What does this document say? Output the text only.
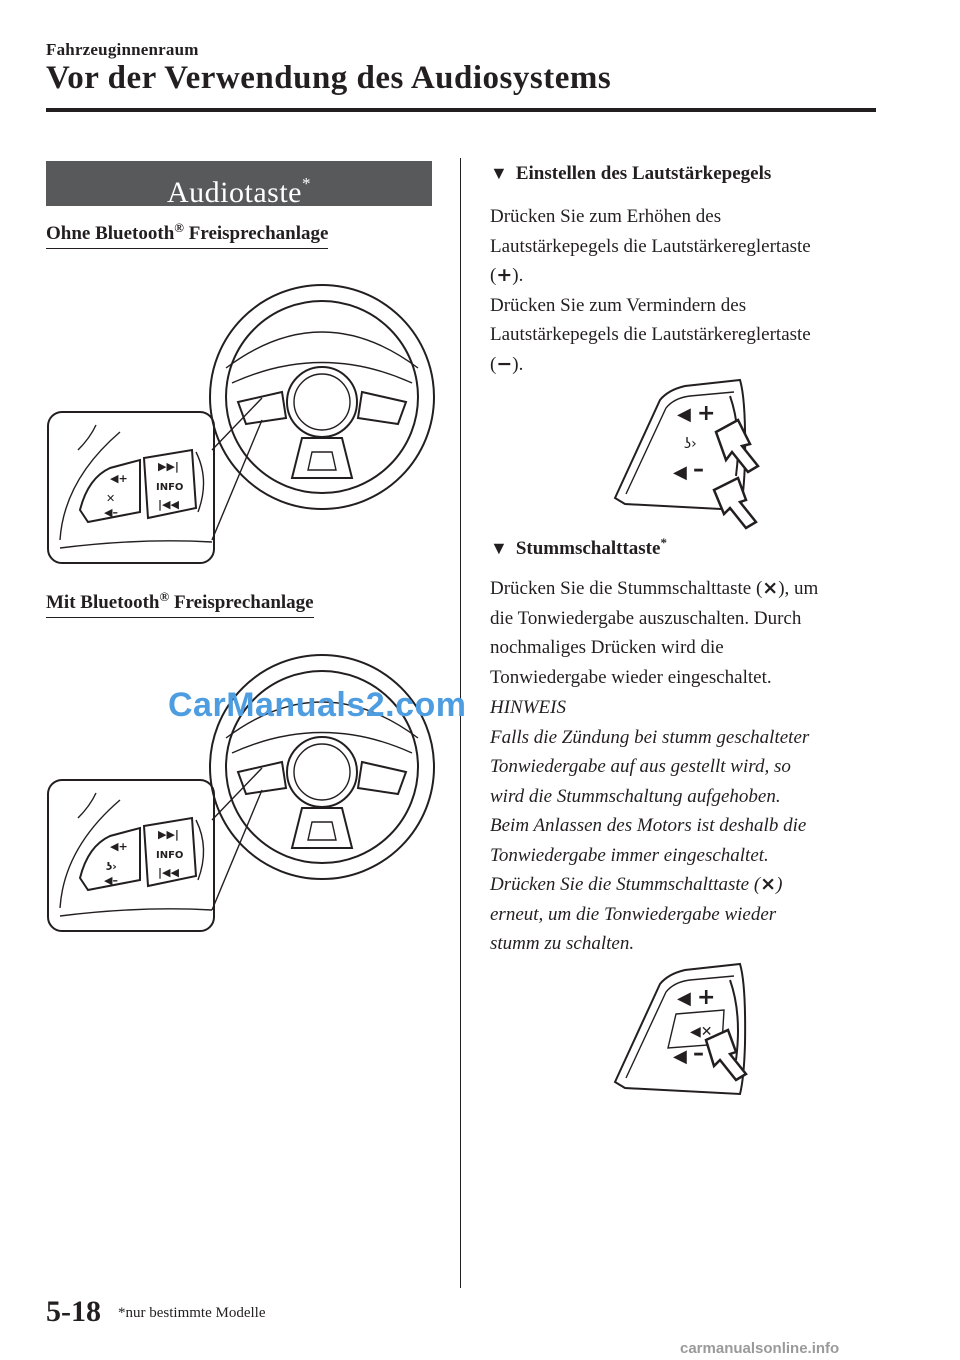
Fahrzeuginnenraum
Vor der Verwendung des Audiosystems
Audiotaste*
Ohne Bluetooth® Freisprechanlage
◀+
✕
◀–
▶▶|
INFO
|◀◀
Mit Bluetooth® Freisprechanlage
◀+
ʖ›
◀–
▶▶|
INFO
|◀◀
CarManuals2.com
▼ Einstellen des Lautstärkepegels
Drücken Sie zum Erhöhen des
Lautstärkepegels die Lautstärkereglertaste
(+).
Drücken Sie zum Vermindern des
Lautstärkepegels die Lautstärkereglertaste
(−).
◀ +
ʖ›
◀ –
▼ Stummschalttaste*
Drücken Sie die Stummschalttaste (⨯), um
die Tonwiedergabe auszuschalten. Durch
nochmaliges Drücken wird die
Tonwiedergabe wieder eingeschaltet.
HINWEIS
Falls die Zündung bei stumm geschalteter
Tonwiedergabe auf aus gestellt wird, so
wird die Stummschaltung aufgehoben.
Beim Anlassen des Motors ist deshalb die
Tonwiedergabe immer eingeschaltet.
Drücken Sie die Stummschalttaste (⨯)
erneut, um die Tonwiedergabe wieder
stumm zu schalten.
◀ +
◀✕
◀ –
5-18 *nur bestimmte Modelle
carmanualsonline.info
